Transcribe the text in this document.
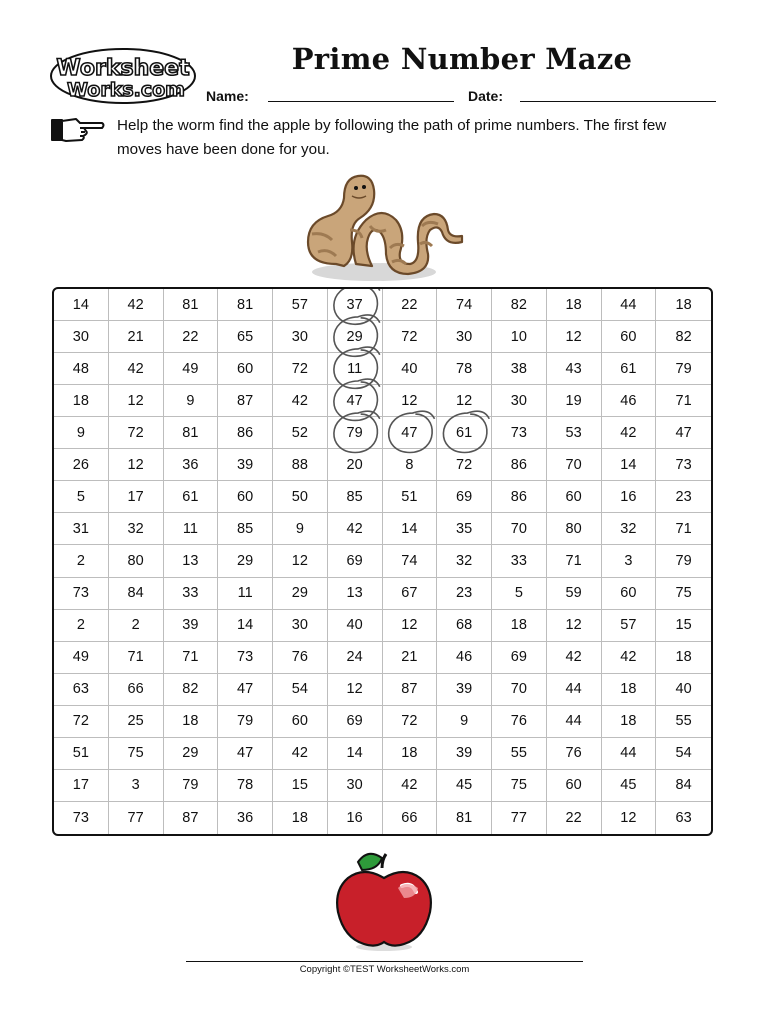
Worksheet
Works.com
Prime Number Maze
Name:	Date:
Help the worm find the apple by following the path of prime numbers. The first few moves have been done for you.
14	42	81	81	57	37	22	74	82	18	44	18
30	21	22	65	30	29	72	30	10	12	60	82
48	42	49	60	72	11	40	78	38	43	61	79
18	12	9	87	42	47	12	12	30	19	46	71
9	72	81	86	52	79	47	61	73	53	42	47
26	12	36	39	88	20	8	72	86	70	14	73
5	17	61	60	50	85	51	69	86	60	16	23
31	32	11	85	9	42	14	35	70	80	32	71
2	80	13	29	12	69	74	32	33	71	3	79
73	84	33	11	29	13	67	23	5	59	60	75
2	2	39	14	30	40	12	68	18	12	57	15
49	71	71	73	76	24	21	46	69	42	42	18
63	66	82	47	54	12	87	39	70	44	18	40
72	25	18	79	60	69	72	9	76	44	18	55
51	75	29	47	42	14	18	39	55	76	44	54
17	3	79	78	15	30	42	45	75	60	45	84
73	77	87	36	18	16	66	81	77	22	12	63
Copyright ©TEST WorksheetWorks.com
